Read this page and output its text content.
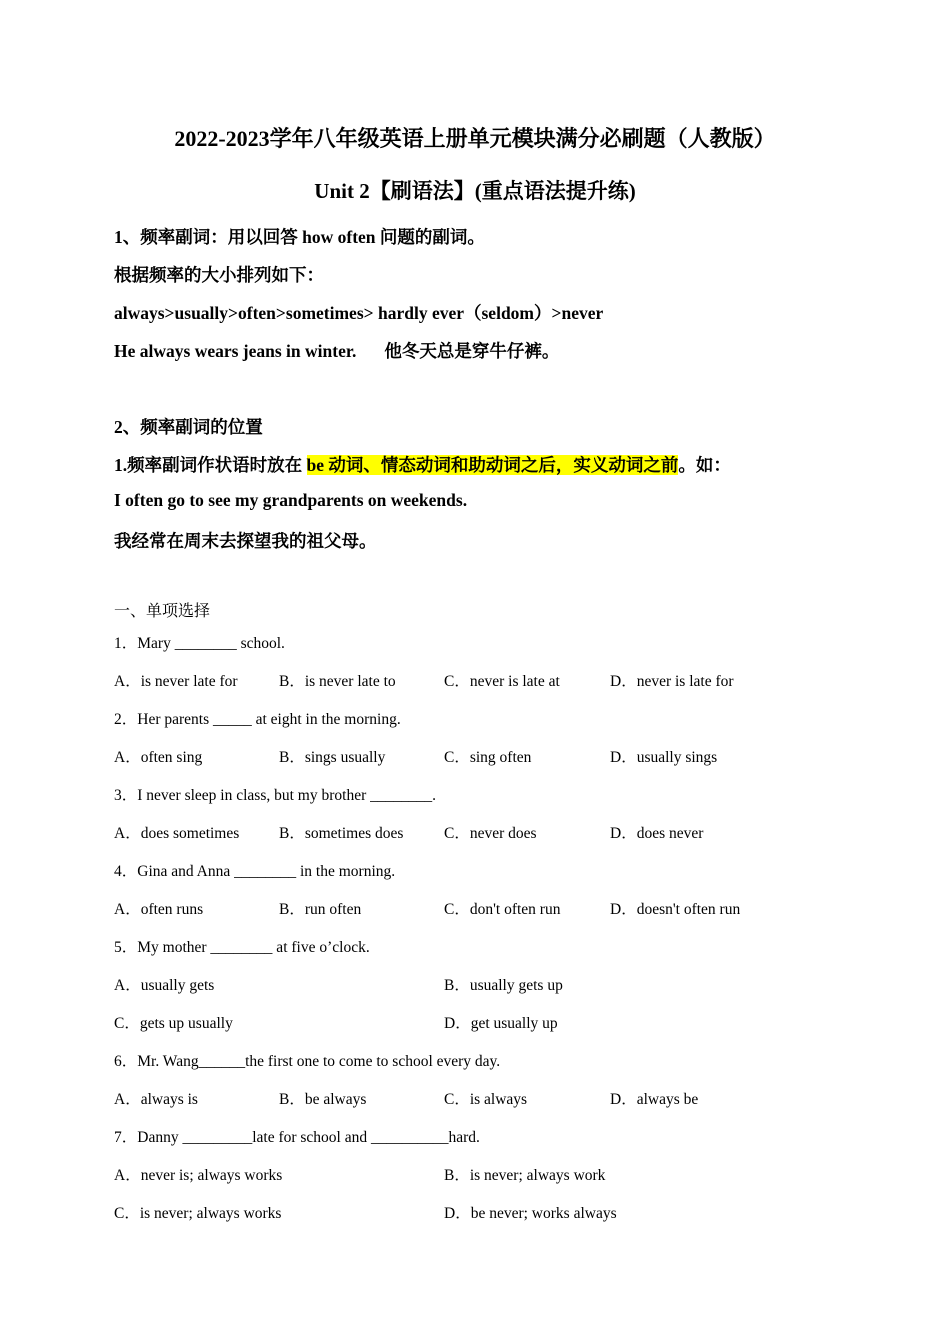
2022-2023学年八年级英语上册单元模块满分必刷题（人教版）
Unit 2【刷语法】(重点语法提升练)
1、频率副词：用以回答 how often 问题的副词。
根据频率的大小排列如下：
always>usually>often>sometimes> hardly ever（seldom）>never
He always wears jeans in winter. 他冬天总是穿牛仔裤。
2、频率副词的位置
1.频率副词作状语时放在 be 动词、情态动词和助动词之后，实义动词之前。如：
I often go to see my grandparents on weekends.
我经常在周末去探望我的祖父母。
一、单项选择
1．Mary ________ school.
A．is never late for	B．is never late to	C．never is late at	D．never is late for
2．Her parents _____ at eight in the morning.
A．often sing	B．sings usually	C．sing often	D．usually sings
3．I never sleep in class, but my brother ________.
A．does sometimes	B．sometimes does	C．never does	D．does never
4．Gina and Anna ________ in the morning.
A．often runs	B．run often	C．don't often run	D．doesn't often run
5．My mother ________ at five o’clock.
A．usually gets	B．usually gets up
C．gets up usually	D．get usually up
6．Mr. Wang______the first one to come to school every day.
A．always is	B．be always	C．is always	D．always be
7．Danny _________late for school and __________hard.
A．never is; always works	B．is never; always work
C．is never; always works	D．be never; works always
